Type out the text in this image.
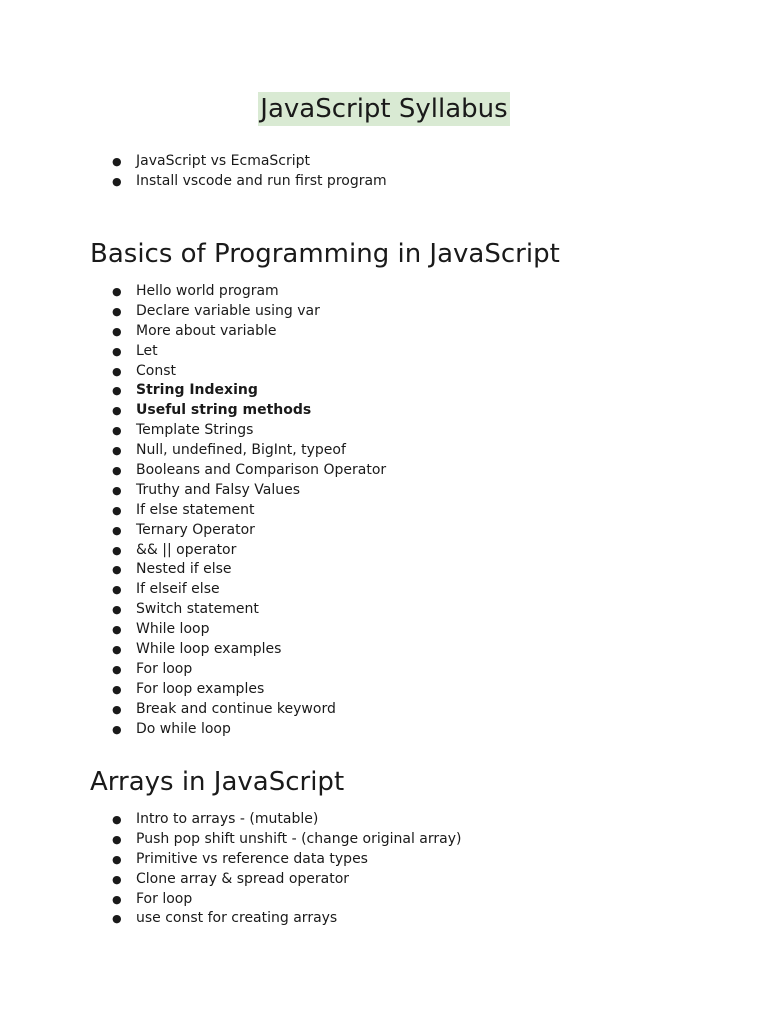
JavaScript Syllabus
● JavaScript vs EcmaScript
● Install vscode and run first program
Basics of Programming in JavaScript
● Hello world program
● Declare variable using var
● More about variable
● Let
● Const
● String Indexing
● Useful string methods
● Template Strings
● Null, undefined, BigInt, typeof
● Booleans and Comparison Operator
● Truthy and Falsy Values
● If else statement
● Ternary Operator
● && || operator
● Nested if else
● If elseif else
● Switch statement
● While loop
● While loop examples
● For loop
● For loop examples
● Break and continue keyword
● Do while loop
Arrays in JavaScript
● Intro to arrays - (mutable)
● Push pop shift unshift - (change original array)
● Primitive vs reference data types
● Clone array & spread operator
● For loop
● use const for creating arrays
